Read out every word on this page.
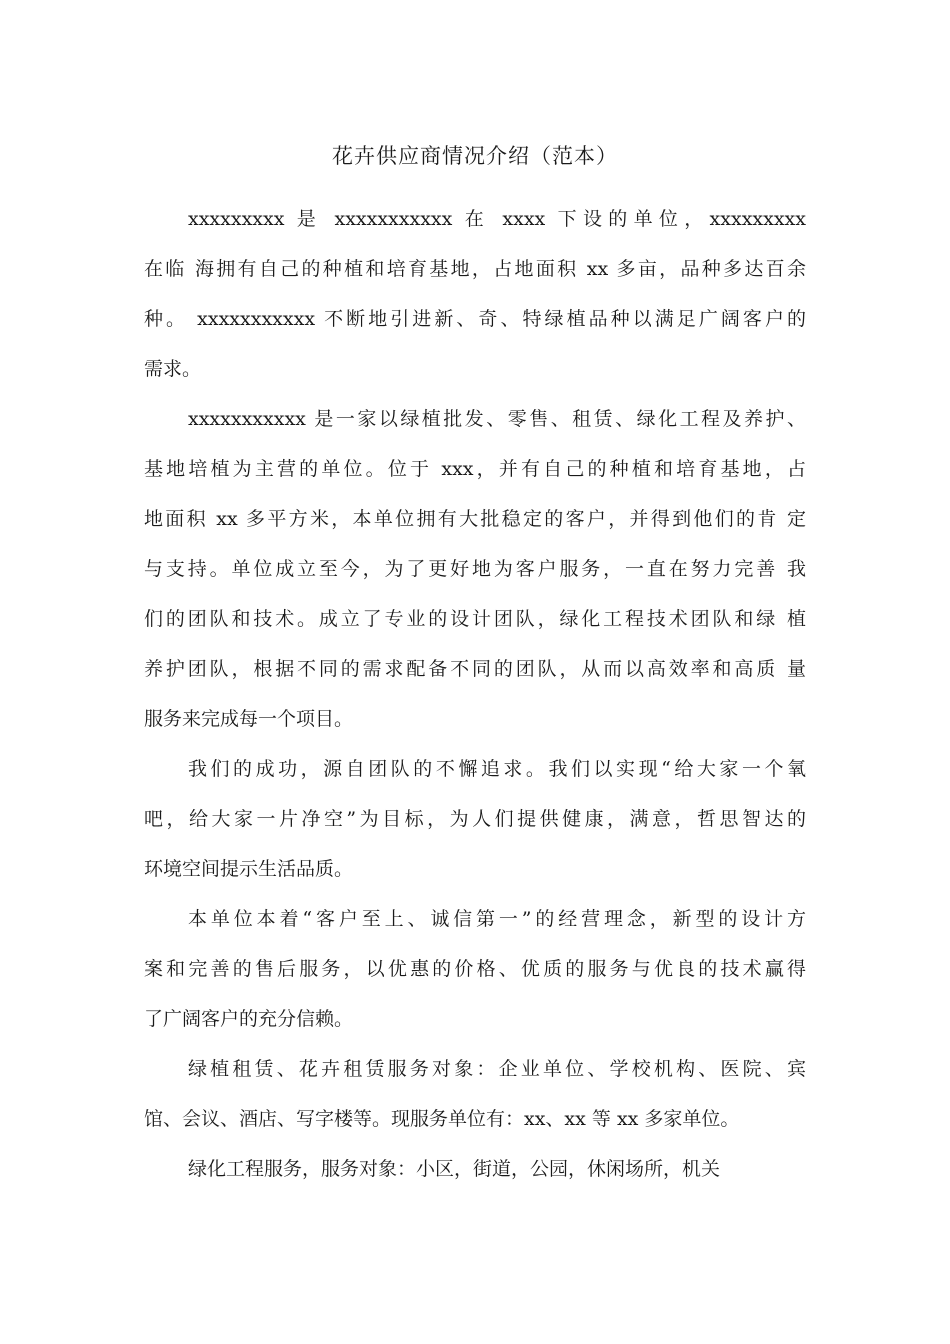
花卉供应商情况介绍（范本）
xxxxxxxxx 是 xxxxxxxxxxx 在 xxxx 下设的单位，xxxxxxxxx
在临 海拥有自己的种植和培育基地，占地面积 xx 多亩，品种多达百余
种。 xxxxxxxxxxx 不断地引进新、奇、特绿植品种以满足广阔客户的
需求。
xxxxxxxxxxx 是一家以绿植批发、零售、租赁、绿化工程及养护、
基地培植为主营的单位。位于 xxx，并有自己的种植和培育基地，占
地面积 xx 多平方米，本单位拥有大批稳定的客户，并得到他们的肯 定
与支持。单位成立至今，为了更好地为客户服务，一直在努力完善 我
们的团队和技术。成立了专业的设计团队，绿化工程技术团队和绿 植
养护团队，根据不同的需求配备不同的团队，从而以高效率和高质 量
服务来完成每一个项目。
我们的成功，源自团队的不懈追求。我们以实现“给大家一个氧
吧，给大家一片净空”为目标，为人们提供健康，满意，哲思智达的
环境空间提示生活品质。
本单位本着“客户至上、诚信第一”的经营理念，新型的设计方
案和完善的售后服务，以优惠的价格、优质的服务与优良的技术赢得
了广阔客户的充分信赖。
绿植租赁、花卉租赁服务对象：企业单位、学校机构、医院、宾
馆、会议、酒店、写字楼等。现服务单位有：xx、xx 等 xx 多家单位。
绿化工程服务，服务对象：小区，街道，公园，休闲场所，机关
